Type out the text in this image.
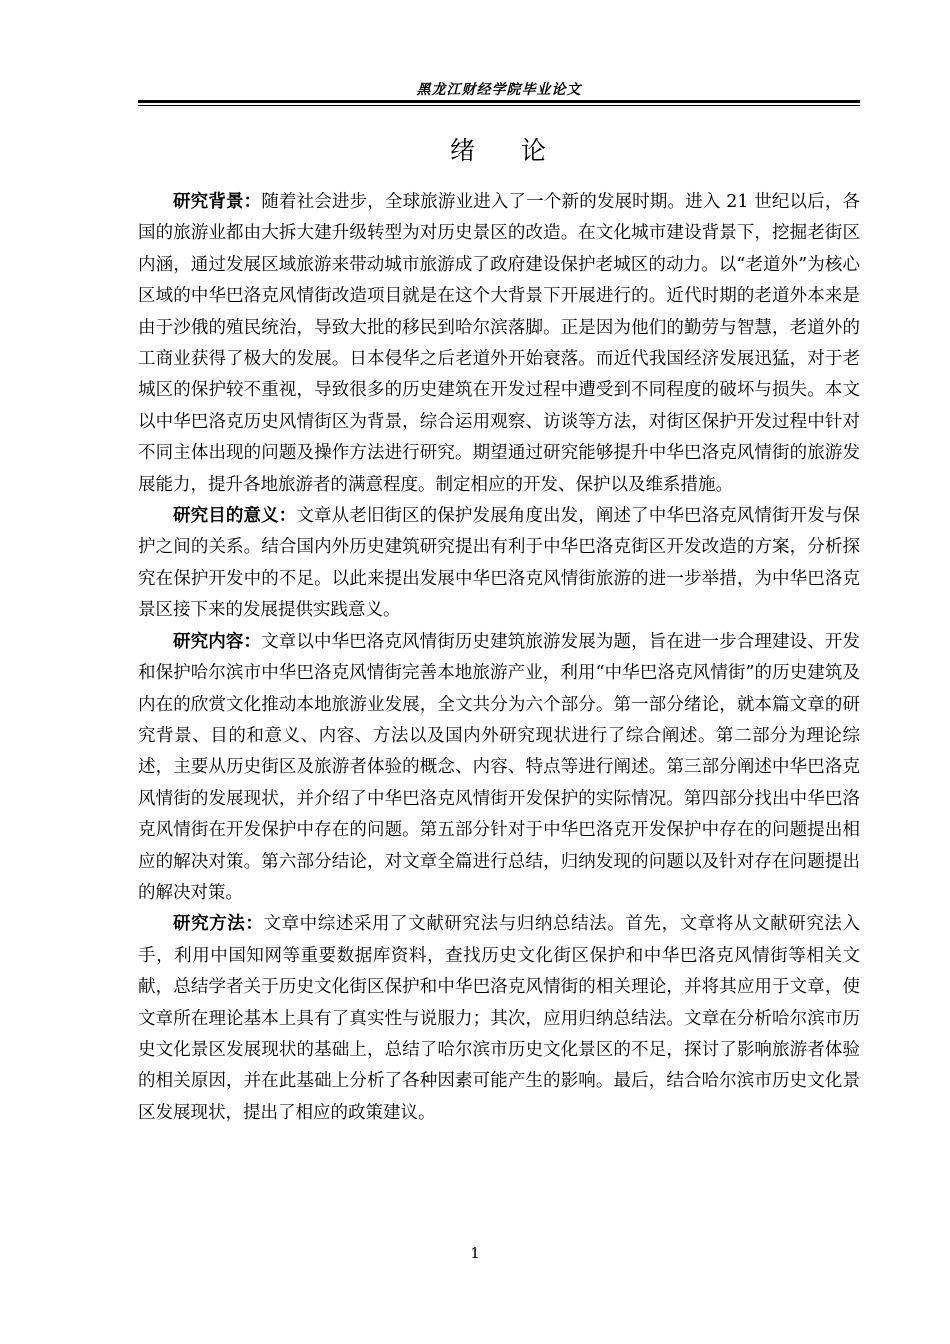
黑龙江财经学院毕业论文
绪 论

研究背景：随着社会进步，全球旅游业进入了一个新的发展时期。进入 21 世纪以后，各国的旅游业都由大拆大建升级转型为对历史景区的改造。在文化城市建设背景下，挖掘老街区内涵，通过发展区域旅游来带动城市旅游成了政府建设保护老城区的动力。以“老道外”为核心区域的中华巴洛克风情街改造项目就是在这个大背景下开展进行的。近代时期的老道外本来是由于沙俄的殖民统治，导致大批的移民到哈尔滨落脚。正是因为他们的勤劳与智慧，老道外的工商业获得了极大的发展。日本侵华之后老道外开始衰落。而近代我国经济发展迅猛，对于老城区的保护较不重视，导致很多的历史建筑在开发过程中遭受到不同程度的破坏与损失。本文以中华巴洛克历史风情街区为背景，综合运用观察、访谈等方法，对街区保护开发过程中针对不同主体出现的问题及操作方法进行研究。期望通过研究能够提升中华巴洛克风情街的旅游发展能力，提升各地旅游者的满意程度。制定相应的开发、保护以及维系措施。

研究目的意义：文章从老旧街区的保护发展角度出发，阐述了中华巴洛克风情街开发与保护之间的关系。结合国内外历史建筑研究提出有利于中华巴洛克街区开发改造的方案，分析探究在保护开发中的不足。以此来提出发展中华巴洛克风情街旅游的进一步举措，为中华巴洛克景区接下来的发展提供实践意义。

研究内容：文章以中华巴洛克风情街历史建筑旅游发展为题，旨在进一步合理建设、开发和保护哈尔滨市中华巴洛克风情街完善本地旅游产业，利用“中华巴洛克风情街”的历史建筑及内在的欣赏文化推动本地旅游业发展，全文共分为六个部分。第一部分绪论，就本篇文章的研究背景、目的和意义、内容、方法以及国内外研究现状进行了综合阐述。第二部分为理论综述，主要从历史街区及旅游者体验的概念、内容、特点等进行阐述。第三部分阐述中华巴洛克风情街的发展现状，并介绍了中华巴洛克风情街开发保护的实际情况。第四部分找出中华巴洛克风情街在开发保护中存在的问题。第五部分针对于中华巴洛克开发保护中存在的问题提出相应的解决对策。第六部分结论，对文章全篇进行总结，归纳发现的问题以及针对存在问题提出的解决对策。

研究方法：文章中综述采用了文献研究法与归纳总结法。首先，文章将从文献研究法入手，利用中国知网等重要数据库资料，查找历史文化街区保护和中华巴洛克风情街等相关文献，总结学者关于历史文化街区保护和中华巴洛克风情街的相关理论，并将其应用于文章，使文章所在理论基本上具有了真实性与说服力；其次，应用归纳总结法。文章在分析哈尔滨市历史文化景区发展现状的基础上，总结了哈尔滨市历史文化景区的不足，探讨了影响旅游者体验的相关原因，并在此基础上分析了各种因素可能产生的影响。最后，结合哈尔滨市历史文化景区发展现状，提出了相应的政策建议。

1
